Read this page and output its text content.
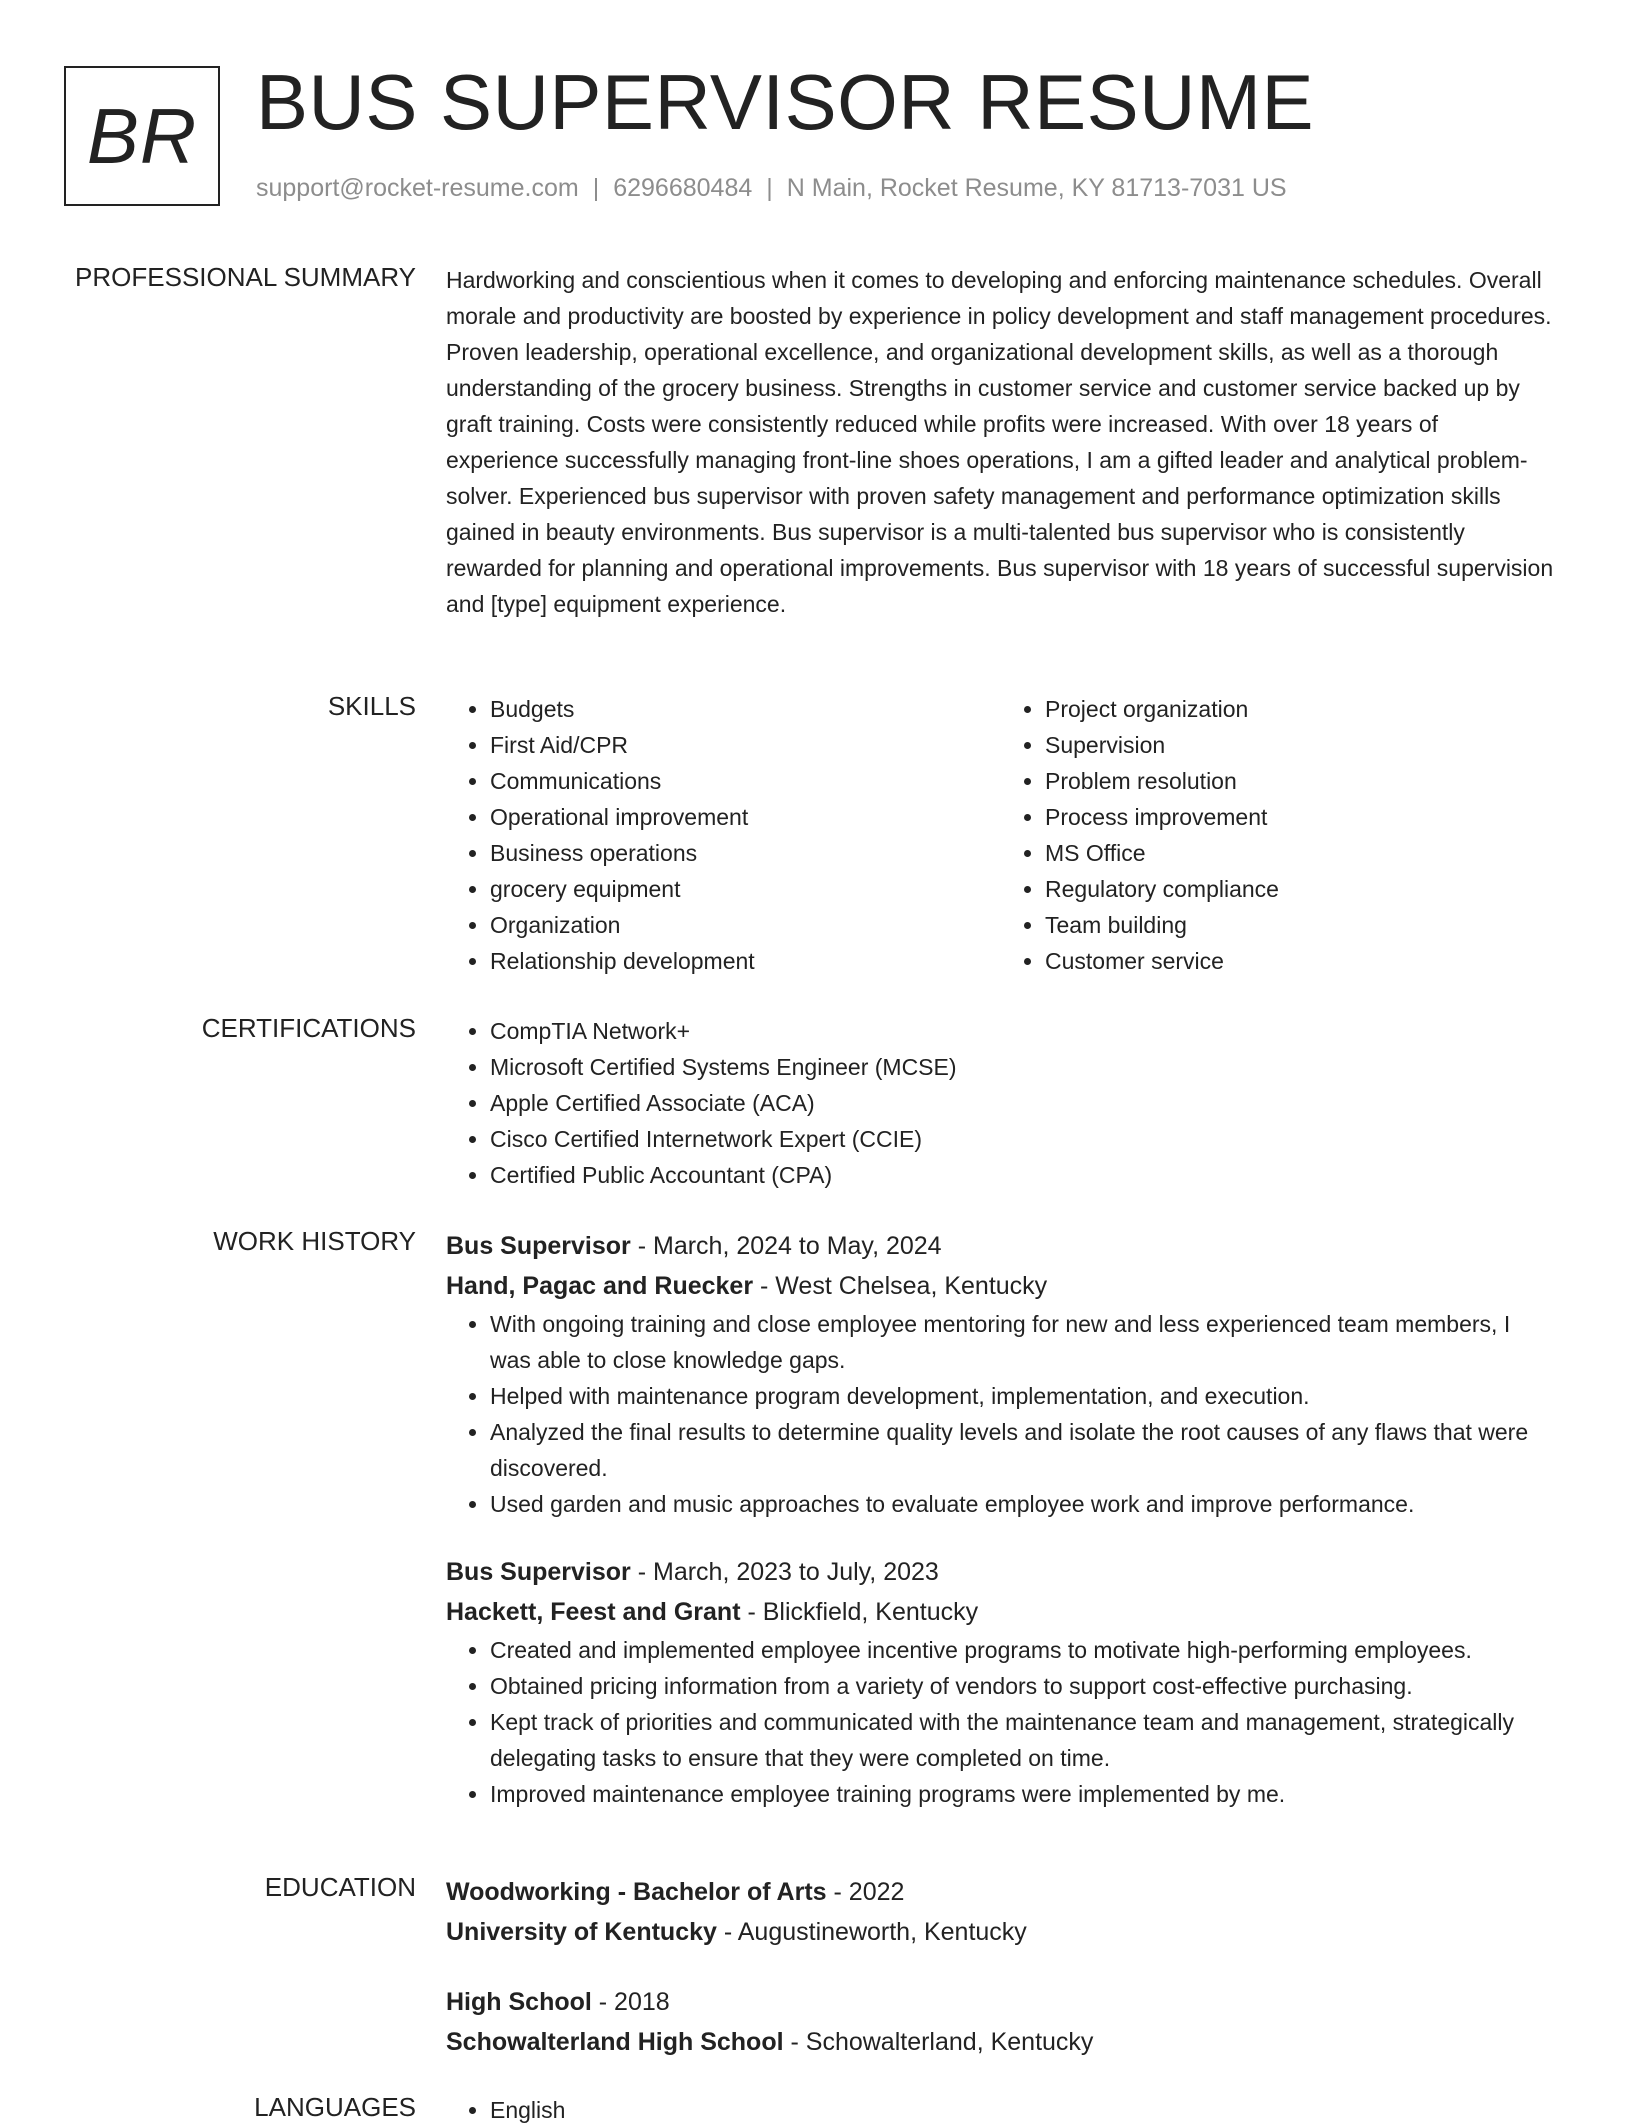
BR BUS SUPERVISOR RESUME
support@rocket-resume.com | 6296680484 | N Main, Rocket Resume, KY 81713-7031 US
PROFESSIONAL SUMMARY Hardworking and conscientious when it comes to developing and enforcing maintenance schedules. Overall morale and productivity are boosted by experience in policy development and staff management procedures. Proven leadership, operational excellence, and organizational development skills, as well as a thorough understanding of the grocery business. Strengths in customer service and customer service backed up by graft training. Costs were consistently reduced while profits were increased. With over 18 years of experience successfully managing front-line shoes operations, I am a gifted leader and analytical problem-solver. Experienced bus supervisor with proven safety management and performance optimization skills gained in beauty environments. Bus supervisor is a multi-talented bus supervisor who is consistently rewarded for planning and operational improvements. Bus supervisor with 18 years of successful supervision and [type] equipment experience.

SKILLS	• Budgets
• First Aid/CPR
• Communications
• Operational improvement
• Business operations
• grocery equipment
• Organization
• Relationship development
• Project organization
• Supervision
• Problem resolution
• Process improvement
• MS Office
• Regulatory compliance
• Team building
• Customer service
CERTIFICATIONS	• CompTIA Network+
• Microsoft Certified Systems Engineer (MCSE)
• Apple Certified Associate (ACA)
• Cisco Certified Internetwork Expert (CCIE)
• Certified Public Accountant (CPA)
WORK HISTORY Bus Supervisor - March, 2024 to May, 2024
Hand, Pagac and Ruecker - West Chelsea, Kentucky
• With ongoing training and close employee mentoring for new and less experienced team members, I was able to close knowledge gaps.
• Helped with maintenance program development, implementation, and execution.
• Analyzed the final results to determine quality levels and isolate the root causes of any flaws that were discovered.
• Used garden and music approaches to evaluate employee work and improve performance.
Bus Supervisor - March, 2023 to July, 2023
Hackett, Feest and Grant - Blickfield, Kentucky
• Created and implemented employee incentive programs to motivate high-performing employees.
• Obtained pricing information from a variety of vendors to support cost-effective purchasing.
• Kept track of priorities and communicated with the maintenance team and management, strategically delegating tasks to ensure that they were completed on time.
• Improved maintenance employee training programs were implemented by me.
EDUCATION Woodworking - Bachelor of Arts - 2022
University of Kentucky - Augustineworth, Kentucky
High School - 2018
Schowalterland High School - Schowalterland, Kentucky
LANGUAGES	• English
